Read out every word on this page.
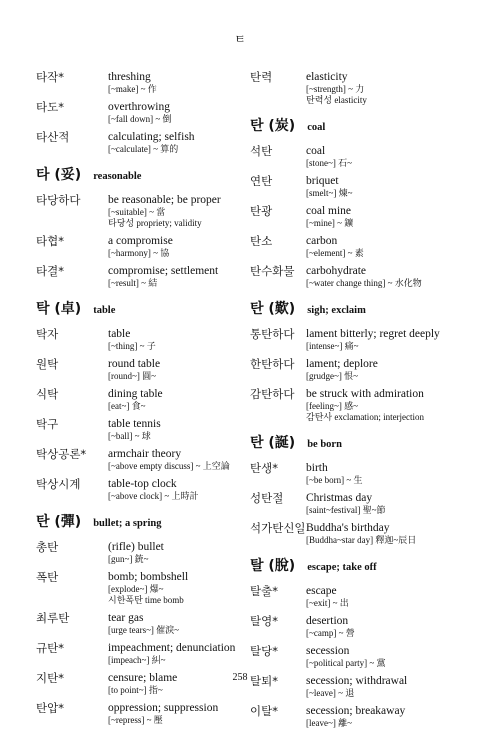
ㅌ
타작*	threshing
[~make] ~ 作
타도*	overthrowing
[~fall down] ~ 倒
타산적	calculating; selfish
[~calculate] ~ 算的
타 (妥) reasonable
타당하다	be reasonable; be proper
[~suitable] ~ 當
타당성 propriety; validity
타협*	a compromise
[~harmony] ~ 協
타결*	compromise; settlement
[~result] ~ 結
탁 (卓) table
탁자	table
[~thing] ~ 子
원탁	round table
[round~] 圓~
식탁	dining table
[eat~] 食~
탁구	table tennis
[~ball] ~ 球
탁상공론*	armchair theory
[~above empty discuss] ~ 上空論
탁상시계	table-top clock
[~above clock] ~ 上時計
탄 (彈) bullet; a spring
총탄	(rifle) bullet
[gun~] 銃~
폭탄	bomb; bombshell
[explode~] 爆~
시한폭탄 time bomb
최루탄	tear gas
[urge tears~] 催淚~
규탄*	impeachment; denunciation
[impeach~] 糾~
지탄*	censure; blame
[to point~] 指~
탄압*	oppression; suppression
[~repress] ~ 壓
탄력	elasticity
[~strength] ~ 力
탄력성 elasticity
탄 (炭) coal
석탄	coal
[stone~] 石~
연탄	briquet
[smelt~] 煉~
탄광	coal mine
[~mine] ~ 鑛
탄소	carbon
[~element] ~ 素
탄수화물	carbohydrate
[~water change thing] ~ 水化物
탄 (歎) sigh; exclaim
통탄하다	lament bitterly; regret deeply
[intense~] 痛~
한탄하다	lament; deplore
[grudge~] 恨~
감탄하다	be struck with admiration
[feeling~] 感~
감탄사 exclamation; interjection
탄 (誕) be born
탄생*	birth
[~be born] ~ 生
성탄절	Christmas day
[saint~festival] 聖~節
석가탄신일 Buddha's birthday
[Buddha~star day] 釋迦~辰日
탈 (脫) escape; take off
탈출*	escape
[~exit] ~ 出
탈영*	desertion
[~camp] ~ 營
탈당*	secession
[~political party] ~ 黨
탈퇴*	secession; withdrawal
[~leave] ~ 退
이탈*	secession; breakaway
[leave~] 離~
258
